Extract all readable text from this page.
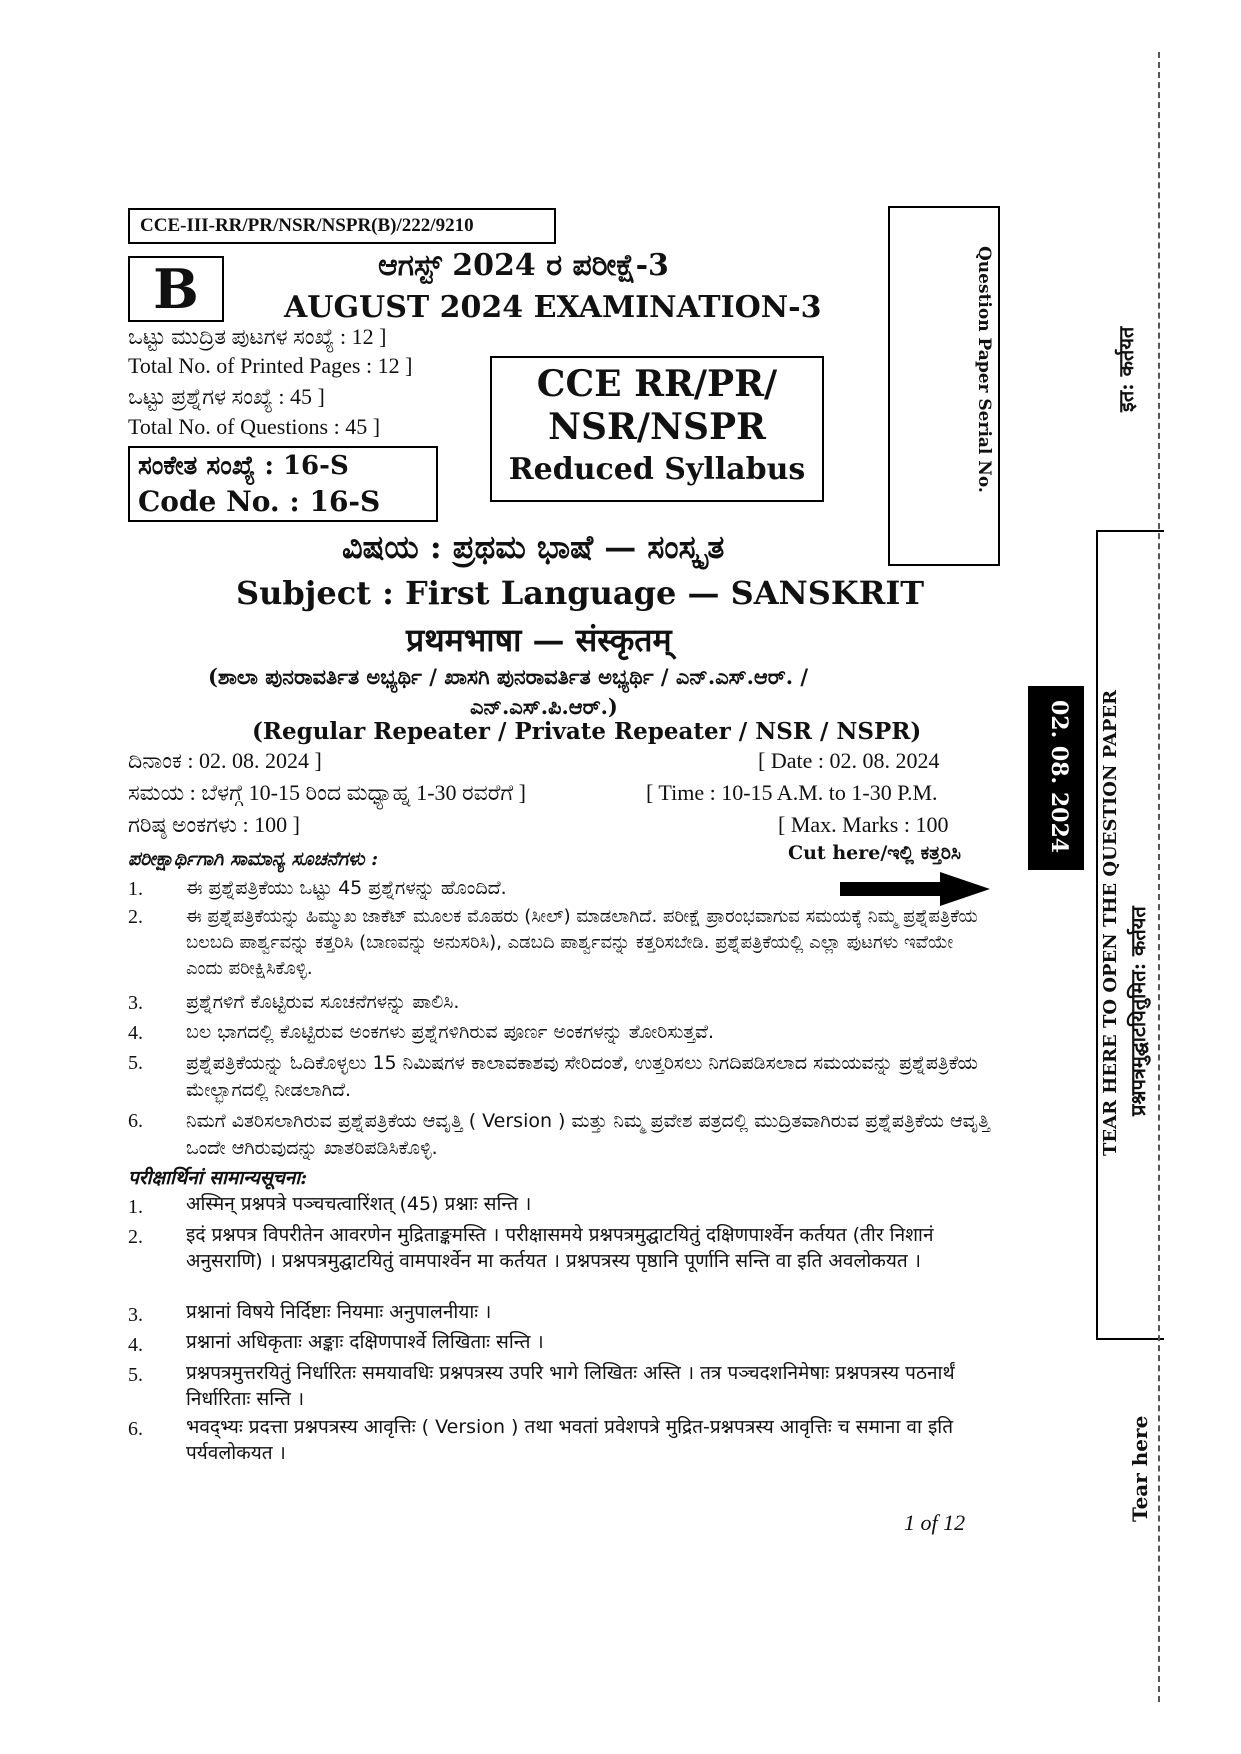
CCE-III-RR/PR/NSR/NSPR(B)/222/9210
B	ಆಗಸ್ಟ್ 2024 ರ ಪರೀಕ್ಷೆ-3
AUGUST 2024 EXAMINATION-3
ಒಟ್ಟು ಮುದ್ರಿತ ಪುಟಗಳ ಸಂಖ್ಯೆ : 12 ]
Total No. of Printed Pages : 12 ]
ಒಟ್ಟು ಪ್ರಶ್ನೆಗಳ ಸಂಖ್ಯೆ : 45 ]
Total No. of Questions : 45 ]
ಸಂಕೇತ ಸಂಖ್ಯೆ : 16-S
Code No. : 16-S
CCE RR/PR/
NSR/NSPR
Reduced Syllabus	Question Paper Serial No.
ವಿಷಯ : ಪ್ರಥಮ ಭಾಷೆ — ಸಂಸ್ಕೃತ
Subject : First Language — SANSKRIT
प्रथमभाषा — संस्कृतम्
(ಶಾಲಾ ಪುನರಾವರ್ತಿತ ಅಭ್ಯರ್ಥಿ / ಖಾಸಗಿ ಪುನರಾವರ್ತಿತ ಅಭ್ಯರ್ಥಿ / ಎನ್.ಎಸ್.ಆರ್. /
ಎನ್.ಎಸ್.ಪಿ.ಆರ್.)
(Regular Repeater / Private Repeater / NSR / NSPR)
ದಿನಾಂಕ : 02. 08. 2024 ]	[ Date : 02. 08. 2024
ಸಮಯ : ಬೆಳಗ್ಗೆ 10-15 ರಿಂದ ಮಧ್ಯಾಹ್ನ 1-30 ರವರೆಗೆ ]	[ Time : 10-15 A.M. to 1-30 P.M.
ಗರಿಷ್ಠ ಅಂಕಗಳು : 100 ]	[ Max. Marks : 100
ಪರೀಕ್ಷಾರ್ಥಿಗಾಗಿ ಸಾಮಾನ್ಯ ಸೂಚನೆಗಳು :	Cut here/ಇಲ್ಲಿ ಕತ್ತರಿಸಿ
1. ಈ ಪ್ರಶ್ನೆಪತ್ರಿಕೆಯು ಒಟ್ಟು 45 ಪ್ರಶ್ನೆಗಳನ್ನು ಹೊಂದಿದೆ.
2. ಈ ಪ್ರಶ್ನೆಪತ್ರಿಕೆಯನ್ನು ಹಿಮ್ಮುಖ ಜಾಕೆಟ್ ಮೂಲಕ ಮೊಹರು (ಸೀಲ್) ಮಾಡಲಾಗಿದೆ. ಪರೀಕ್ಷೆ ಪ್ರಾರಂಭವಾಗುವ ಸಮಯಕ್ಕೆ ನಿಮ್ಮ ಪ್ರಶ್ನೆಪತ್ರಿಕೆಯ ಬಲಬದಿ ಪಾರ್ಶ್ವವನ್ನು ಕತ್ತರಿಸಿ (ಬಾಣವನ್ನು ಅನುಸರಿಸಿ), ಎಡಬದಿ ಪಾರ್ಶ್ವವನ್ನು ಕತ್ತರಿಸಬೇಡಿ. ಪ್ರಶ್ನೆಪತ್ರಿಕೆಯಲ್ಲಿ ಎಲ್ಲಾ ಪುಟಗಳು ಇವೆಯೇ ಎಂದು ಪರೀಕ್ಷಿಸಿಕೊಳ್ಳಿ.
3. ಪ್ರಶ್ನೆಗಳಿಗೆ ಕೊಟ್ಟಿರುವ ಸೂಚನೆಗಳನ್ನು ಪಾಲಿಸಿ.
4. ಬಲ ಭಾಗದಲ್ಲಿ ಕೊಟ್ಟಿರುವ ಅಂಕಗಳು ಪ್ರಶ್ನೆಗಳಿಗಿರುವ ಪೂರ್ಣ ಅಂಕಗಳನ್ನು ತೋರಿಸುತ್ತವೆ.
5. ಪ್ರಶ್ನೆಪತ್ರಿಕೆಯನ್ನು ಓದಿಕೊಳ್ಳಲು 15 ನಿಮಿಷಗಳ ಕಾಲಾವಕಾಶವು ಸೇರಿದಂತೆ, ಉತ್ತರಿಸಲು ನಿಗದಿಪಡಿಸಲಾದ ಸಮಯವನ್ನು ಪ್ರಶ್ನೆಪತ್ರಿಕೆಯ ಮೇಲ್ಭಾಗದಲ್ಲಿ ನೀಡಲಾಗಿದೆ.
6. ನಿಮಗೆ ವಿತರಿಸಲಾಗಿರುವ ಪ್ರಶ್ನೆಪತ್ರಿಕೆಯ ಆವೃತ್ತಿ ( Version ) ಮತ್ತು ನಿಮ್ಮ ಪ್ರವೇಶ ಪತ್ರದಲ್ಲಿ ಮುದ್ರಿತವಾಗಿರುವ ಪ್ರಶ್ನೆಪತ್ರಿಕೆಯ ಆವೃತ್ತಿ ಒಂದೇ ಆಗಿರುವುದನ್ನು ಖಾತರಿಪಡಿಸಿಕೊಳ್ಳಿ.
परीक्षार्थिनां सामान्यसूचना:
1. अस्मिन् प्रश्नपत्रे पञ्चचत्वारिंशत् (45) प्रश्नाः सन्ति ।
2. इदं प्रश्नपत्र विपरीतेन आवरणेन मुद्रिताङ्कमस्ति । परीक्षासमये प्रश्नपत्रमुद्घाटयितुं दक्षिणपार्श्वेन कर्तयत (तीर निशानं अनुसराणि) । प्रश्नपत्रमुद्घाटयितुं वामपार्श्वेन मा कर्तयत । प्रश्नपत्रस्य पृष्ठानि पूर्णानि सन्ति वा इति अवलोकयत ।
3. प्रश्नानां विषये निर्दिष्टाः नियमाः अनुपालनीयाः ।
4. प्रश्नानां अधिकृताः अङ्काः दक्षिणपार्श्वे लिखिताः सन्ति ।
5. प्रश्नपत्रमुत्तरयितुं निर्धारितः समयावधिः प्रश्नपत्रस्य उपरि भागे लिखितः अस्ति । तत्र पञ्चदशनिमेषाः प्रश्नपत्रस्य पठनार्थं निर्धारिताः सन्ति ।
6. भवद्भ्यः प्रदत्ता प्रश्नपत्रस्य आवृत्तिः ( Version ) तथा भवतां प्रवेशपत्रे मुद्रित-प्रश्नपत्रस्य आवृत्तिः च समाना वा इति पर्यवलोकयत ।
1 of 12
02. 08. 2024 TEAR HERE TO OPEN THE QUESTION PAPER प्रश्नपत्रमुद्घाटयितुमित: कर्तयत
इत: कर्तयत
Tear here
